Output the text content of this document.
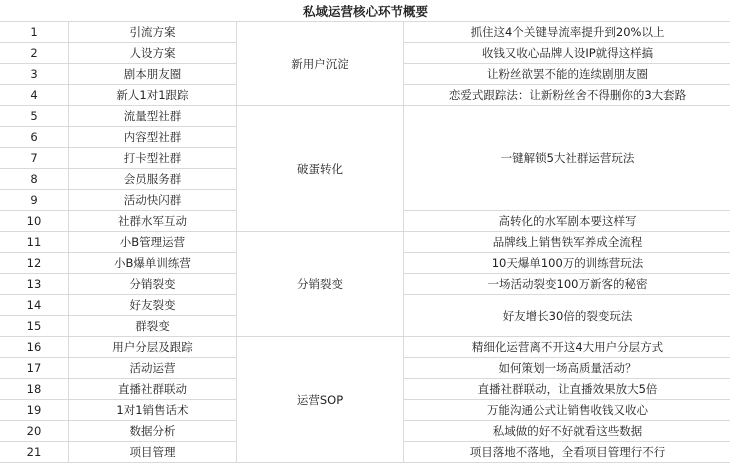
私域运营核心环节概要			
1	引流方案	新用户沉淀	抓住这4个关键导流率提升到20%以上
2	人设方案		收钱又收心品牌人设IP就得这样搞
3	剧本朋友圈		让粉丝欲罢不能的连续剧朋友圈
4	新人1对1跟踪		恋爱式跟踪法：让新粉丝舍不得删你的3大套路
5	流量型社群	破蛋转化	一键解锁5大社群运营玩法
6	内容型社群		
7	打卡型社群		
8	会员服务群		
9	活动快闪群		
10	社群水军互动		高转化的水军剧本要这样写
11	小B管理运营	分销裂变	品牌线上销售铁军养成全流程
12	小B爆单训练营		10天爆单100万的训练营玩法
13	分销裂变		一场活动裂变100万新客的秘密
14	好友裂变		好友增长30倍的裂变玩法
15	群裂变		
16	用户分层及跟踪	运营SOP	精细化运营离不开这4大用户分层方式
17	活动运营		如何策划一场高质量活动？
18	直播社群联动		直播社群联动，让直播效果放大5倍
19	1对1销售话术		万能沟通公式让销售收钱又收心
20	数据分析		私域做的好不好就看这些数据
21	项目管理		项目落地不落地，全看项目管理行不行
